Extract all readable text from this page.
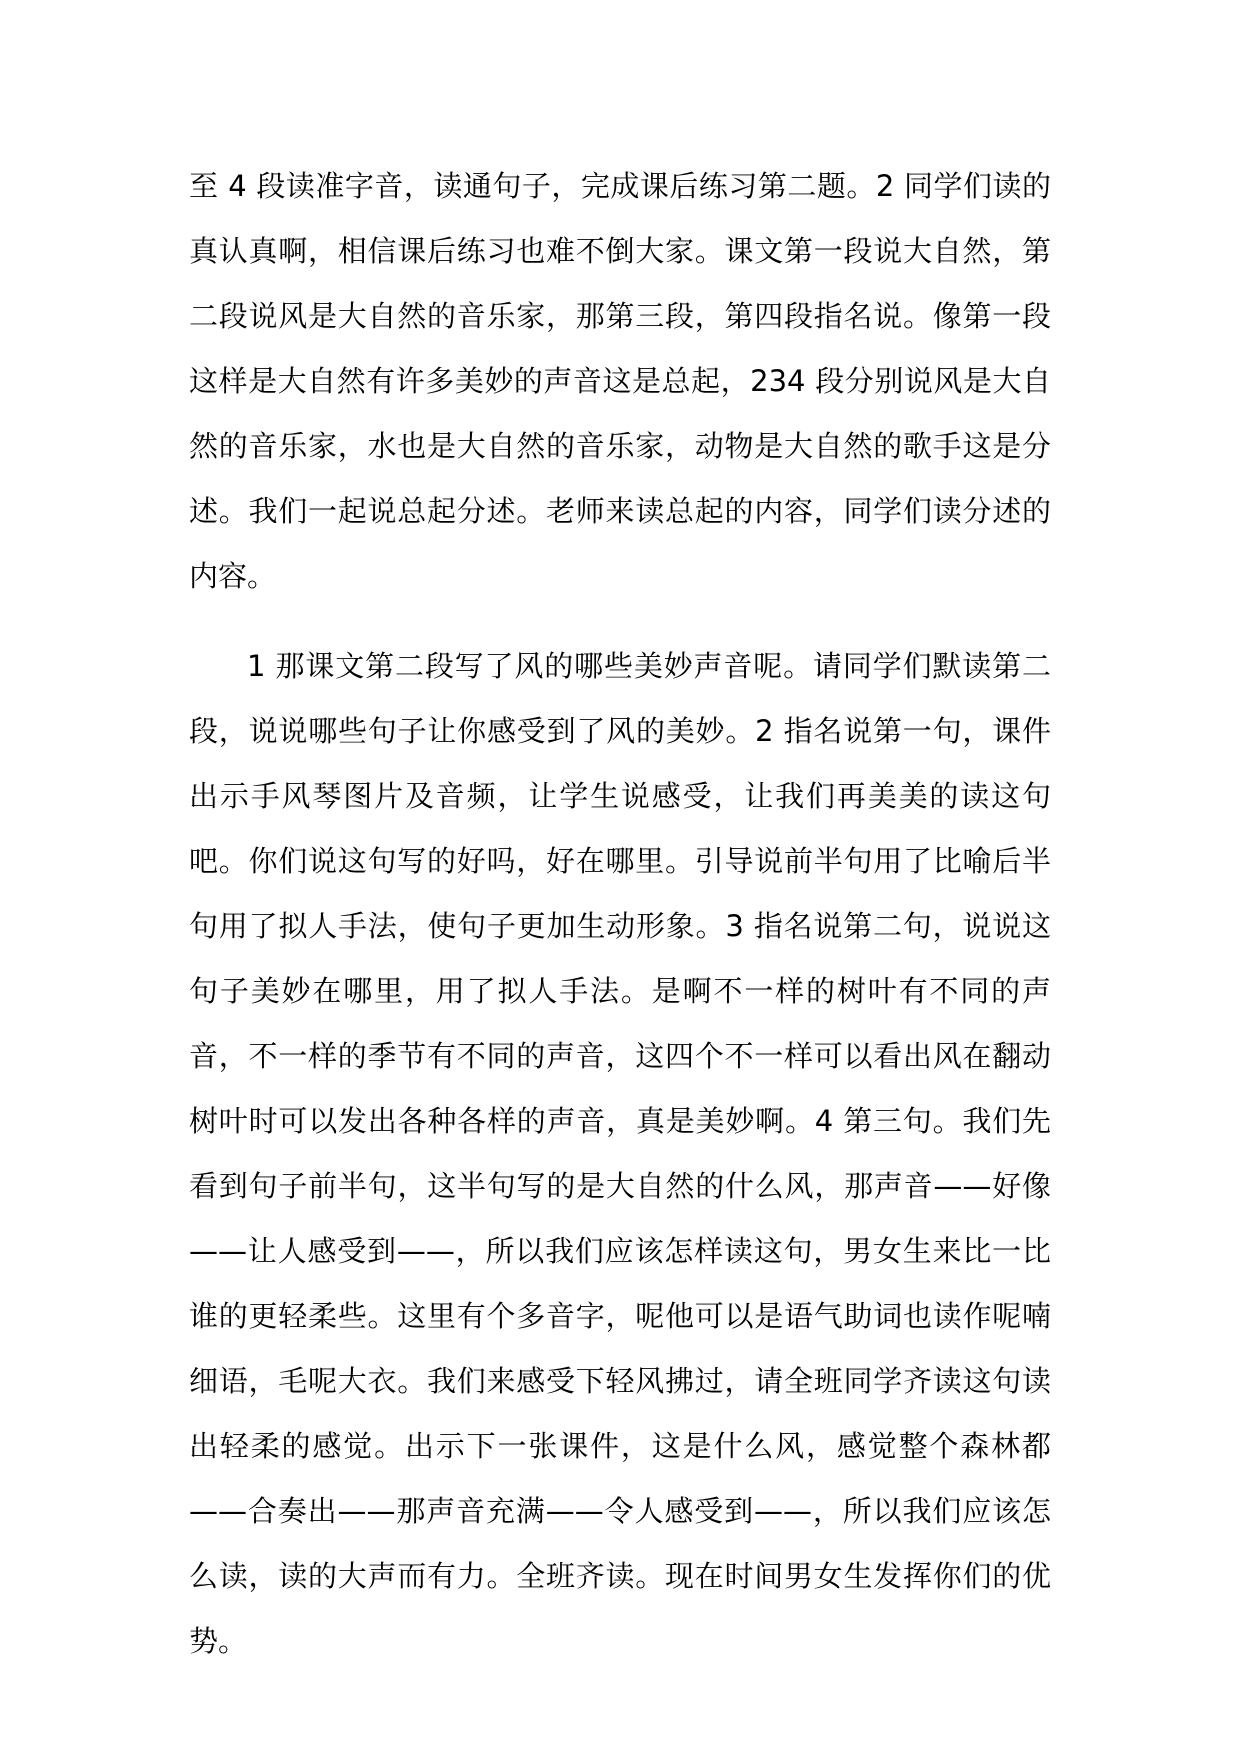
至 4 段读准字音，读通句子，完成课后练习第二题。2 同学们读的真认真啊，相信课后练习也难不倒大家。课文第一段说大自然，第二段说风是大自然的音乐家，那第三段，第四段指名说。像第一段这样是大自然有许多美妙的声音这是总起，234 段分别说风是大自然的音乐家，水也是大自然的音乐家，动物是大自然的歌手这是分述。我们一起说总起分述。老师来读总起的内容，同学们读分述的内容。

1 那课文第二段写了风的哪些美妙声音呢。请同学们默读第二段，说说哪些句子让你感受到了风的美妙。2 指名说第一句，课件出示手风琴图片及音频，让学生说感受，让我们再美美的读这句吧。你们说这句写的好吗，好在哪里。引导说前半句用了比喻后半句用了拟人手法，使句子更加生动形象。3 指名说第二句，说说这句子美妙在哪里，用了拟人手法。是啊不一样的树叶有不同的声音，不一样的季节有不同的声音，这四个不一样可以看出风在翻动树叶时可以发出各种各样的声音，真是美妙啊。4 第三句。我们先看到句子前半句，这半句写的是大自然的什么风，那声音——好像——让人感受到——，所以我们应该怎样读这句，男女生来比一比谁的更轻柔些。这里有个多音字，呢他可以是语气助词也读作呢喃细语，毛呢大衣。我们来感受下轻风拂过，请全班同学齐读这句读出轻柔的感觉。出示下一张课件，这是什么风，感觉整个森林都——合奏出——那声音充满——令人感受到——，所以我们应该怎么读，读的大声而有力。全班齐读。现在时间男女生发挥你们的优势。
